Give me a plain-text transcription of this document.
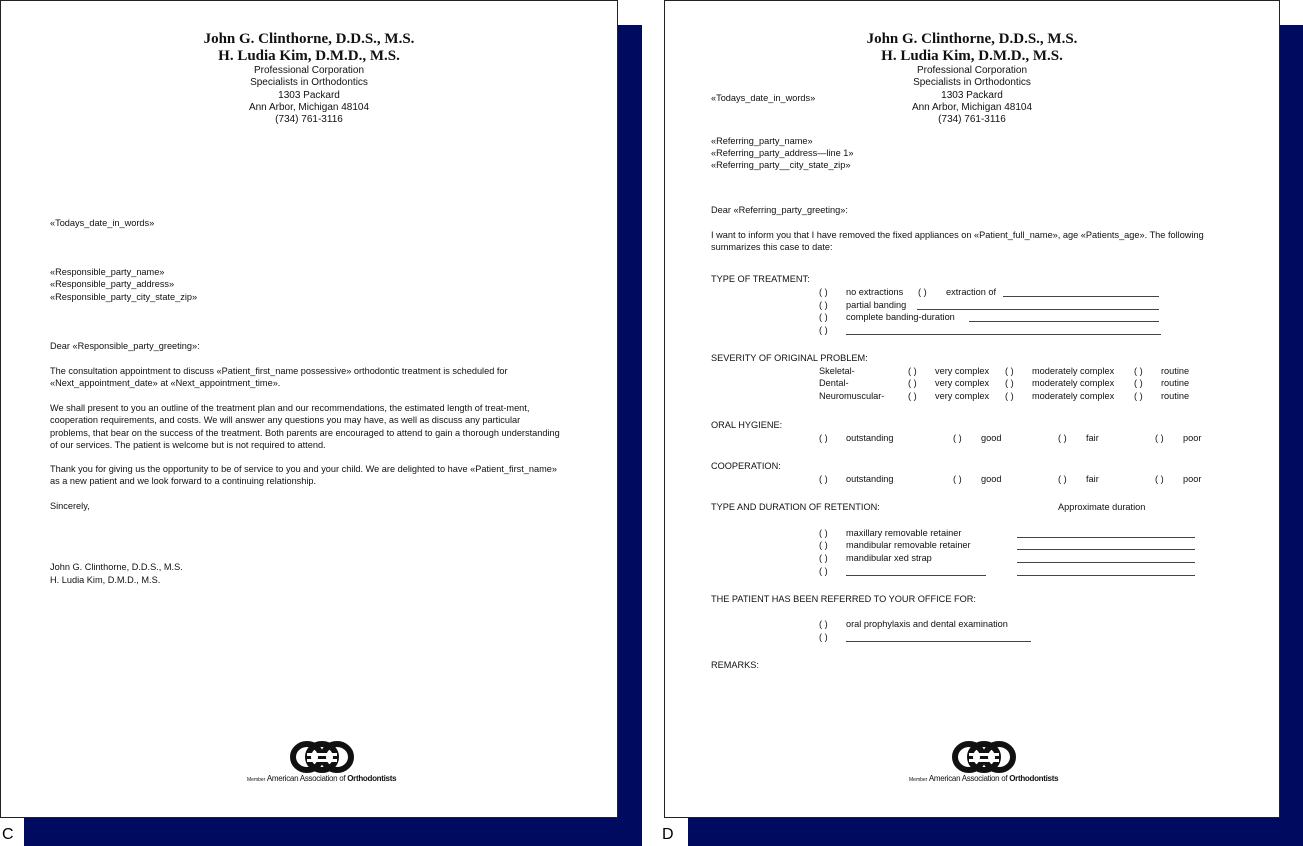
John G. Clinthorne, D.D.S., M.S.
H. Ludia Kim, D.M.D., M.S.
Professional Corporation
Specialists in Orthodontics
1303 Packard
Ann Arbor, Michigan 48104
(734) 761-3116
«Todays_date_in_words»
«Responsible_party_name»
«Responsible_party_address»
«Responsible_party_city_state_zip»
Dear «Responsible_party_greeting»:
The consultation appointment to discuss «Patient_first_name possessive» orthodontic treatment is scheduled for «Next_appointment_date» at «Next_appointment_time».
We shall present to you an outline of the treatment plan and our recommendations, the estimated length of treat-ment, cooperation requirements, and costs. We will answer any questions you may have, as well as discuss any particular problems, that bear on the success of the treatment. Both parents are encouraged to attend to gain a thorough understanding of our services. The patient is welcome but is not required to attend.
Thank you for giving us the opportunity to be of service to you and your child. We are delighted to have «Patient_first_name» as a new patient and we look forward to a continuing relationship.
Sincerely,
John G. Clinthorne, D.D.S., M.S.
H. Ludia Kim, D.M.D., M.S.
Member American Association of Orthodontists
C
John G. Clinthorne, D.D.S., M.S.
H. Ludia Kim, D.M.D., M.S.
Professional Corporation
Specialists in Orthodontics
1303 Packard
Ann Arbor, Michigan 48104
(734) 761-3116
«Todays_date_in_words»
«Referring_party_name»
«Referring_party_address—line 1»
«Referring_party__city_state_zip»
Dear «Referring_party_greeting»:
I want to inform you that I have removed the fixed appliances on «Patient_full_name», age «Patients_age». The following summarizes this case to date:
TYPE OF TREATMENT:
( ) no extractions ( ) extraction of
( ) partial banding
( ) complete banding-duration
( )
SEVERITY OF ORIGINAL PROBLEM:
Skeletal-	( ) very complex ( ) moderately complex ( ) routine
Dental-	( ) very complex ( ) moderately complex ( ) routine
Neuromuscular-	( ) very complex ( ) moderately complex ( ) routine
ORAL HYGIENE:
( ) outstanding	( ) good	( ) fair	( ) poor
COOPERATION:
( ) outstanding	( ) good	( ) fair	( ) poor
TYPE AND DURATION OF RETENTION:	Approximate duration
( ) maxillary removable retainer
( ) mandibular removable retainer
( ) mandibular xed strap
( )
THE PATIENT HAS BEEN REFERRED TO YOUR OFFICE FOR:
( ) oral prophylaxis and dental examination
( )
REMARKS:
Member American Association of Orthodontists
D
